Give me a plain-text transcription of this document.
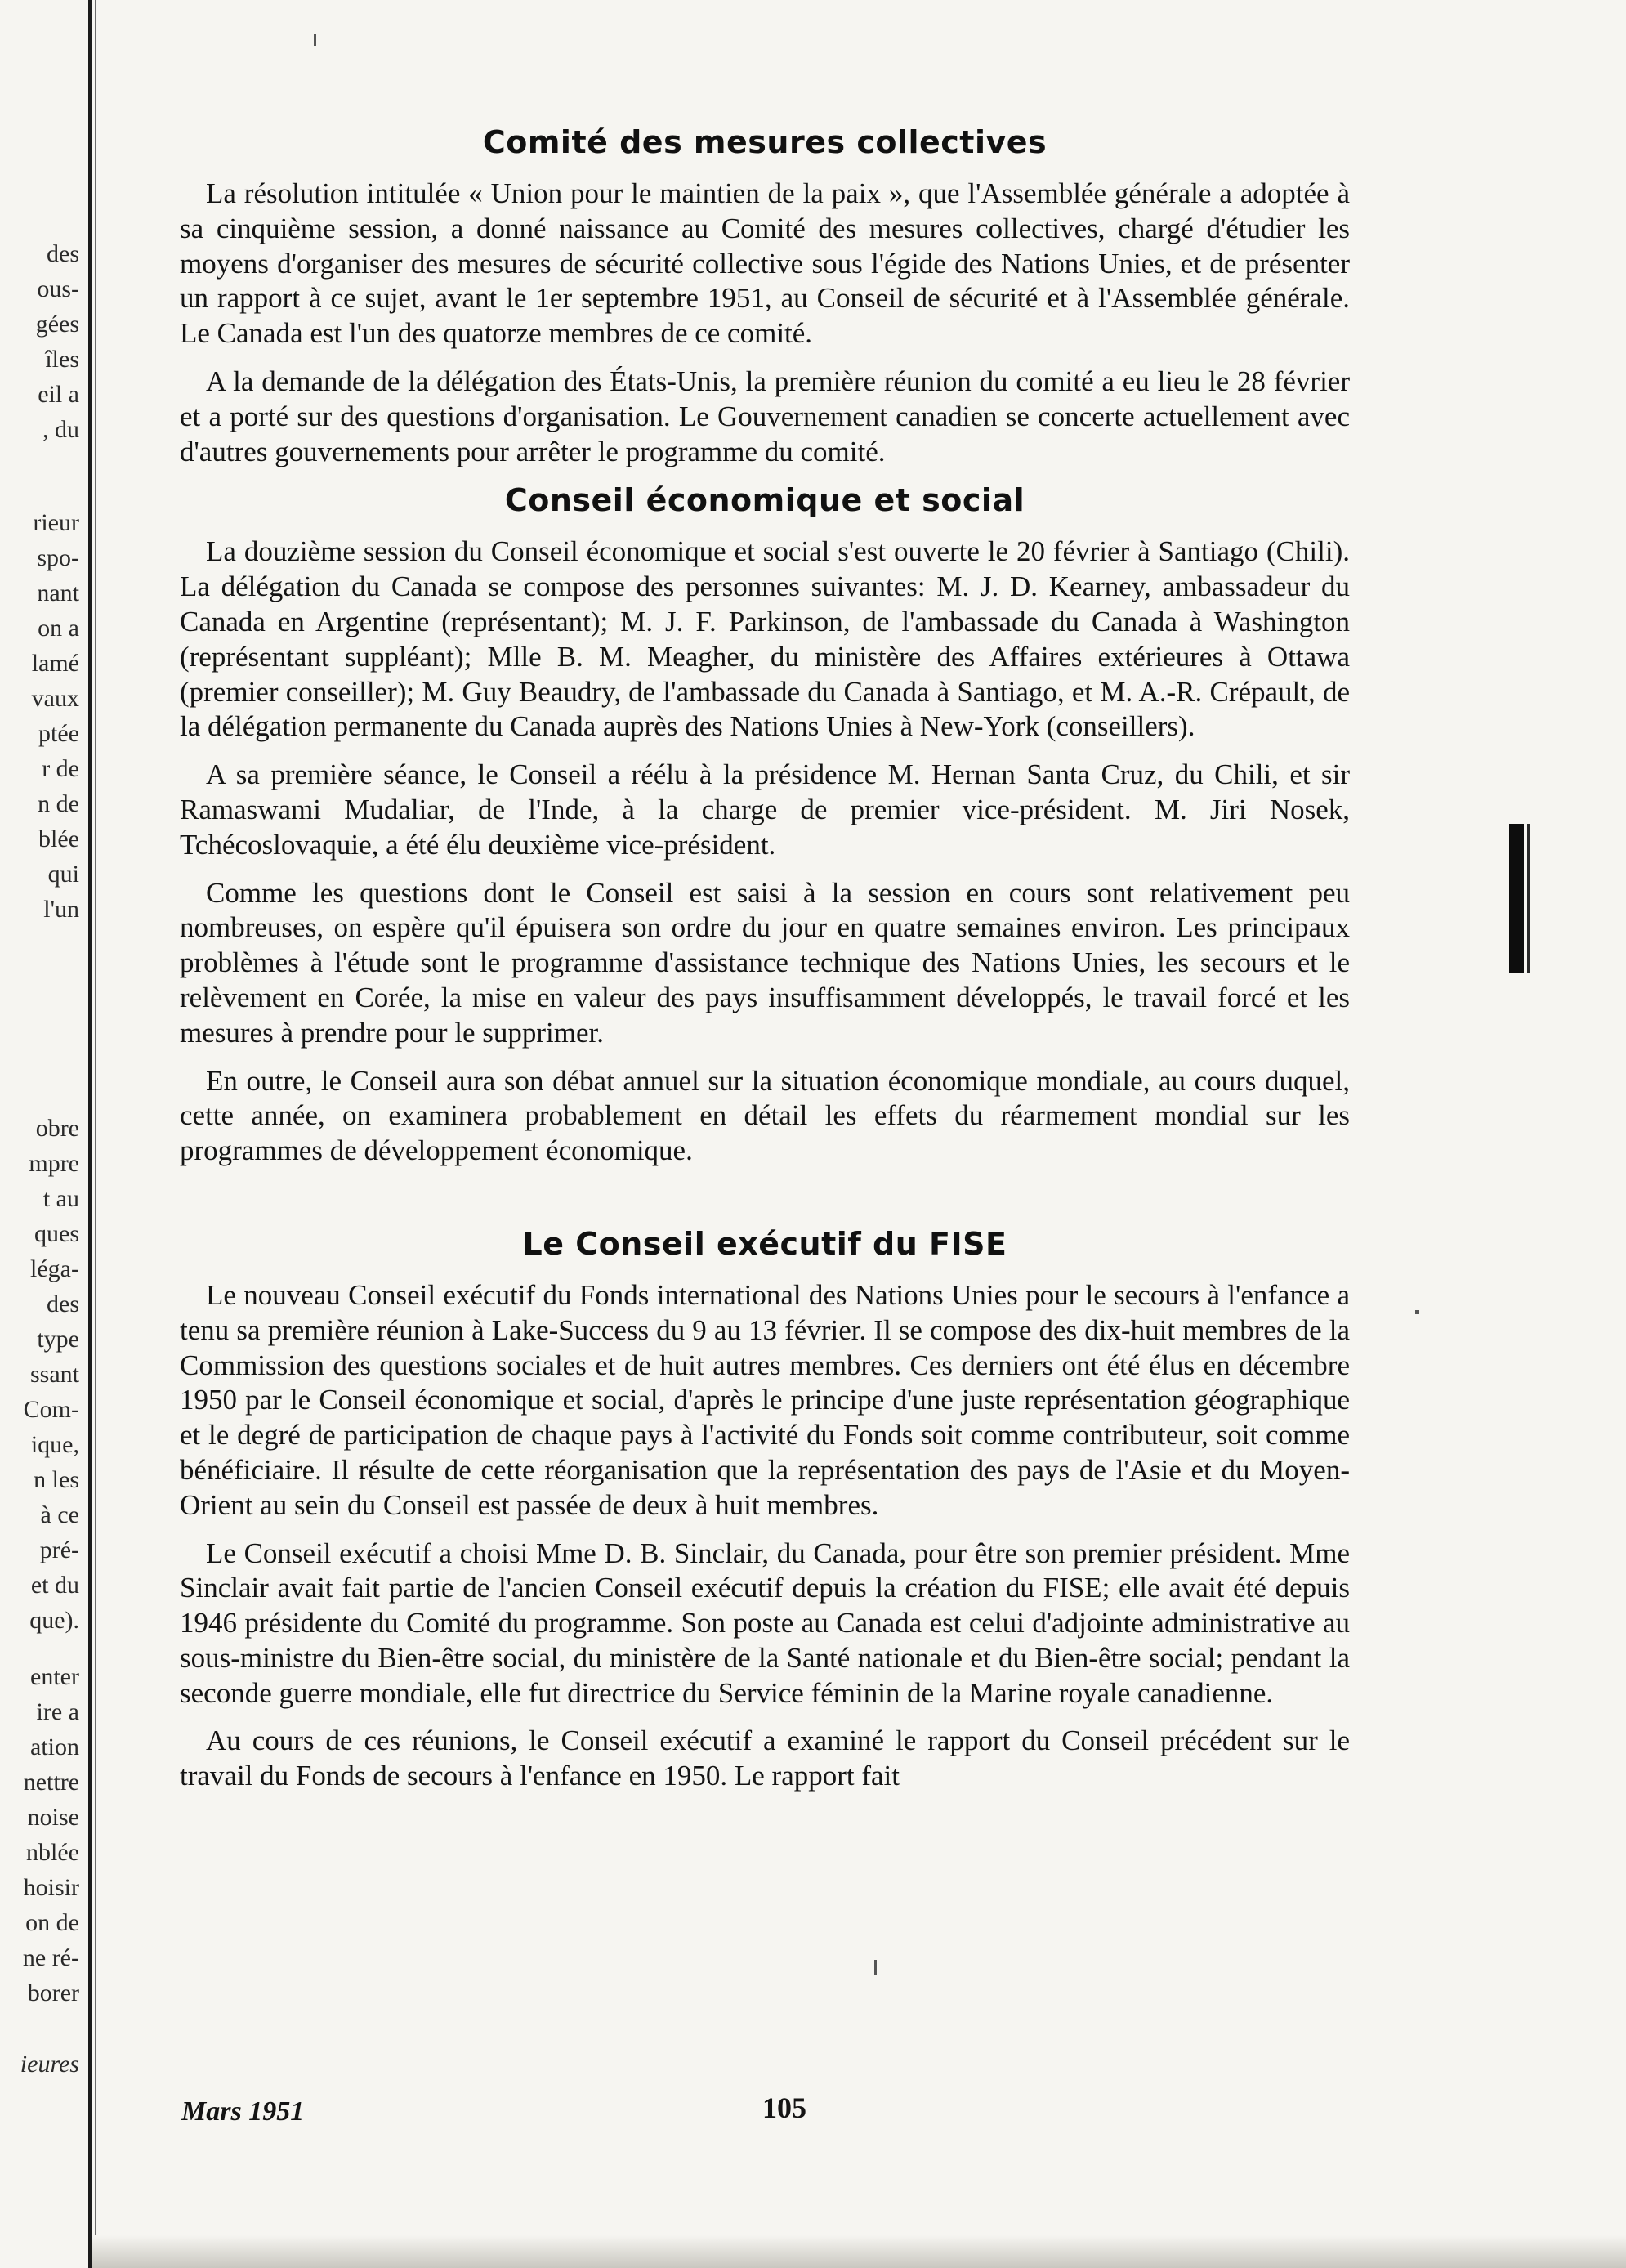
des
ous-
gées
îles
eil a
, du
rieur
spo-
nant
on a
lamé
vaux
ptée
r de
n de
blée
qui
l'un
obre
mpre
t au
ques
léga-
des
type
ssant
Com-
ique,
n les
à ce
pré-
et du
que).
enter
ire a
ation
nettre
noise
nblée
hoisir
on de
ne ré-
borer
ieures
Comité des mesures collectives

La résolution intitulée « Union pour le maintien de la paix », que l'Assemblée générale a adoptée à sa cinquième session, a donné naissance au Comité des mesures collectives, chargé d'étudier les moyens d'organiser des mesures de sécurité collective sous l'égide des Nations Unies, et de présenter un rapport à ce sujet, avant le 1er septembre 1951, au Conseil de sécurité et à l'Assemblée générale. Le Canada est l'un des quatorze membres de ce comité.

A la demande de la délégation des États-Unis, la première réunion du comité a eu lieu le 28 février et a porté sur des questions d'organisation. Le Gouvernement canadien se concerte actuellement avec d'autres gouvernements pour arrêter le programme du comité.

Conseil économique et social

La douzième session du Conseil économique et social s'est ouverte le 20 février à Santiago (Chili). La délégation du Canada se compose des personnes suivantes: M. J. D. Kearney, ambassadeur du Canada en Argentine (représentant); M. J. F. Parkinson, de l'ambassade du Canada à Washington (représentant suppléant); Mlle B. M. Meagher, du ministère des Affaires extérieures à Ottawa (premier conseiller); M. Guy Beaudry, de l'ambassade du Canada à Santiago, et M. A.-R. Crépault, de la délégation permanente du Canada auprès des Nations Unies à New-York (conseillers).

A sa première séance, le Conseil a réélu à la présidence M. Hernan Santa Cruz, du Chili, et sir Ramaswami Mudaliar, de l'Inde, à la charge de premier vice-président. M. Jiri Nosek, Tchécoslovaquie, a été élu deuxième vice-président.

Comme les questions dont le Conseil est saisi à la session en cours sont relativement peu nombreuses, on espère qu'il épuisera son ordre du jour en quatre semaines environ. Les principaux problèmes à l'étude sont le programme d'assistance technique des Nations Unies, les secours et le relèvement en Corée, la mise en valeur des pays insuffisamment développés, le travail forcé et les mesures à prendre pour le supprimer.

En outre, le Conseil aura son débat annuel sur la situation économique mondiale, au cours duquel, cette année, on examinera probablement en détail les effets du réarmement mondial sur les programmes de développement économique.

Le Conseil exécutif du FISE

Le nouveau Conseil exécutif du Fonds international des Nations Unies pour le secours à l'enfance a tenu sa première réunion à Lake-Success du 9 au 13 février. Il se compose des dix-huit membres de la Commission des questions sociales et de huit autres membres. Ces derniers ont été élus en décembre 1950 par le Conseil économique et social, d'après le principe d'une juste représentation géographique et le degré de participation de chaque pays à l'activité du Fonds soit comme contributeur, soit comme bénéficiaire. Il résulte de cette réorganisation que la représentation des pays de l'Asie et du Moyen-Orient au sein du Conseil est passée de deux à huit membres.

Le Conseil exécutif a choisi Mme D. B. Sinclair, du Canada, pour être son premier président. Mme Sinclair avait fait partie de l'ancien Conseil exécutif depuis la création du FISE; elle avait été depuis 1946 présidente du Comité du programme. Son poste au Canada est celui d'adjointe administrative au sous-ministre du Bien-être social, du ministère de la Santé nationale et du Bien-être social; pendant la seconde guerre mondiale, elle fut directrice du Service féminin de la Marine royale canadienne.

Au cours de ces réunions, le Conseil exécutif a examiné le rapport du Conseil précédent sur le travail du Fonds de secours à l'enfance en 1950. Le rapport fait

Mars 1951	105
